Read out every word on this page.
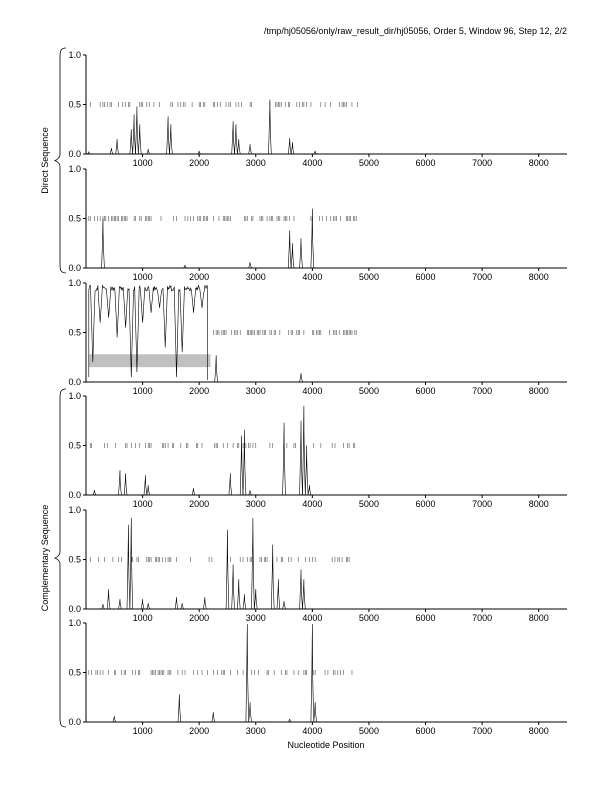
/tmp/hj05056/only/raw_result_dir/hj05056, Order 5, Window 96, Step 12, 2/2
0.0
0.5
1.0
1000	2000	3000	4000	5000	6000	7000	8000
0.0
0.5
1.0
1000	2000	3000	4000	5000	6000	7000	8000
0.0
0.5
1.0
1000	2000	3000	4000	5000	6000	7000	8000
0.0
0.5
1.0
1000	2000	3000	4000	5000	6000	7000	8000
0.0
0.5
1.0
1000	2000	3000	4000	5000	6000	7000	8000
0.0
0.5
1.0
1000	2000	3000	4000	5000	6000	7000	8000
Direct Sequence
Complementary Sequence
Nucleotide Position
